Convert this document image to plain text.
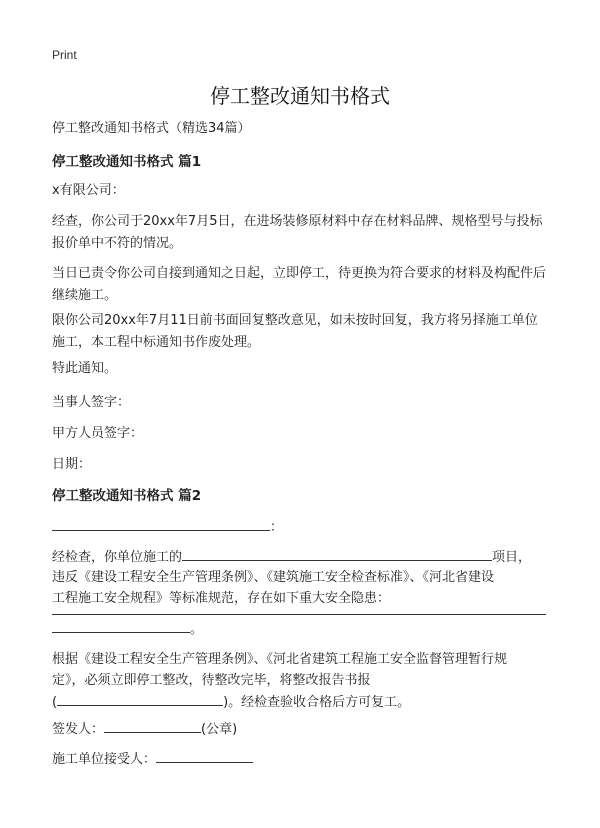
Print
停工整改通知书格式
停工整改通知书格式（精选34篇）
停工整改通知书格式 篇1
x有限公司：
经查，你公司于20xx年7月5日，在进场装修原材料中存在材料品牌、规格型号与投标报价单中不符的情况。
当日已责令你公司自接到通知之日起，立即停工，待更换为符合要求的材料及构配件后继续施工。
限你公司20xx年7月11日前书面回复整改意见，如未按时回复，我方将另择施工单位施工，本工程中标通知书作废处理。
特此通知。
当事人签字：
甲方人员签字：
日期：
停工整改通知书格式 篇2
：
经检查，你单位施工的	项目，
违反《建设工程安全生产管理条例》、《建筑施工安全检查标准》、《河北省建设
工程施工安全规程》等标准规范，存在如下重大安全隐患：
。
根据《建设工程安全生产管理条例》、《河北省建筑工程施工安全监督管理暂行规
定》，必须立即停工整改，待整改完毕，将整改报告书报
(	)。经检查验收合格后方可复工。
签发人：	(公章)
施工单位接受人：
